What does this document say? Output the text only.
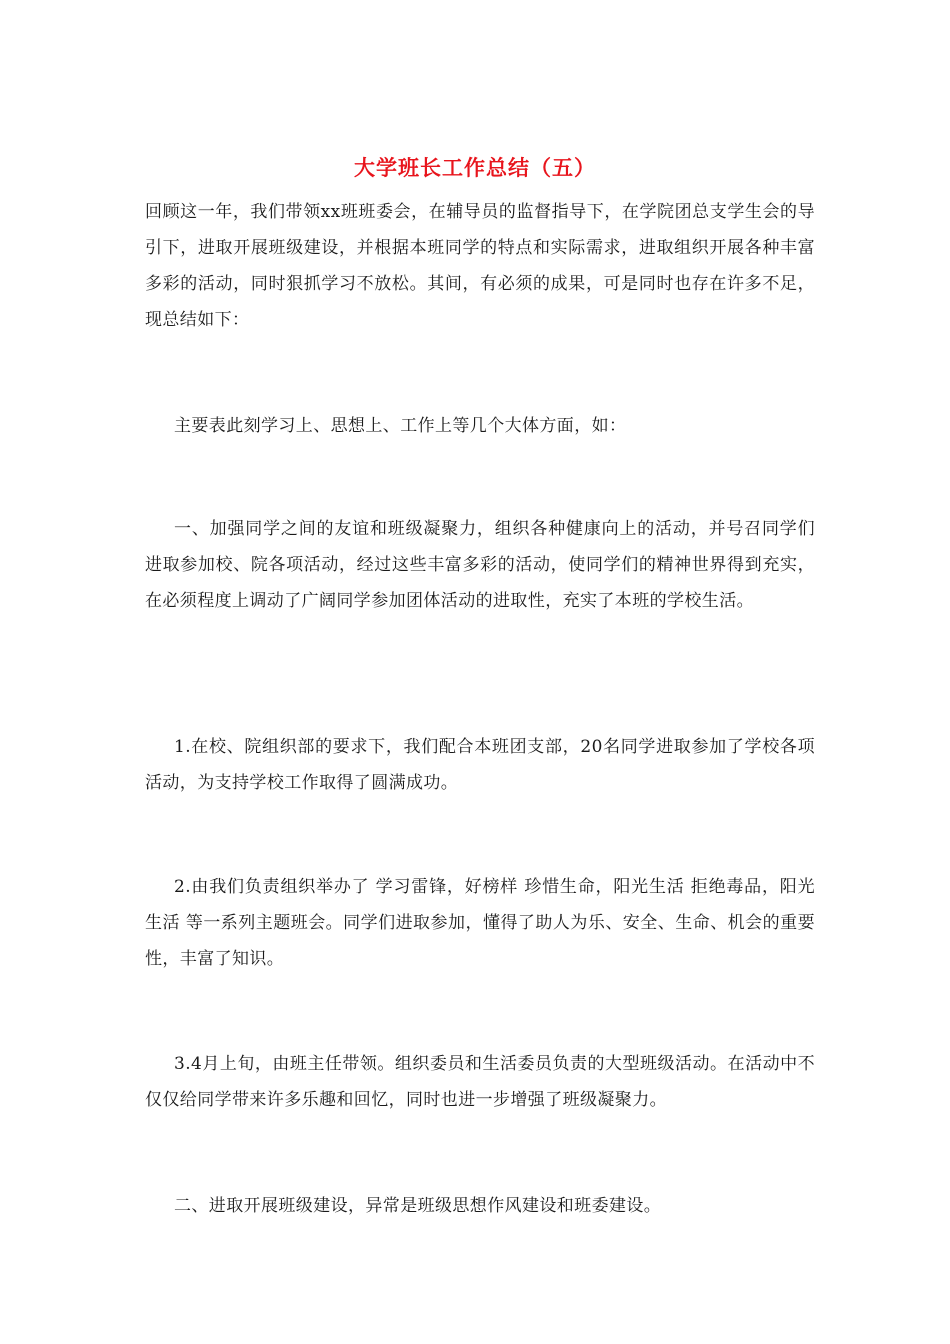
大学班长工作总结（五）

回顾这一年，我们带领xx班班委会，在辅导员的监督指导下，在学院团总支学生会的导引下，进取开展班级建设，并根据本班同学的特点和实际需求，进取组织开展各种丰富多彩的活动，同时狠抓学习不放松。其间，有必须的成果，可是同时也存在许多不足，现总结如下：

主要表此刻学习上、思想上、工作上等几个大体方面，如：

一、加强同学之间的友谊和班级凝聚力，组织各种健康向上的活动，并号召同学们进取参加校、院各项活动，经过这些丰富多彩的活动，使同学们的精神世界得到充实，在必须程度上调动了广阔同学参加团体活动的进取性，充实了本班的学校生活。

1.在校、院组织部的要求下，我们配合本班团支部，20名同学进取参加了学校各项活动，为支持学校工作取得了圆满成功。

2.由我们负责组织举办了 学习雷锋，好榜样 珍惜生命，阳光生活 拒绝毒品，阳光生活 等一系列主题班会。同学们进取参加，懂得了助人为乐、安全、生命、机会的重要性，丰富了知识。

3.4月上旬，由班主任带领。组织委员和生活委员负责的大型班级活动。在活动中不仅仅给同学带来许多乐趣和回忆，同时也进一步增强了班级凝聚力。

二、进取开展班级建设，异常是班级思想作风建设和班委建设。
